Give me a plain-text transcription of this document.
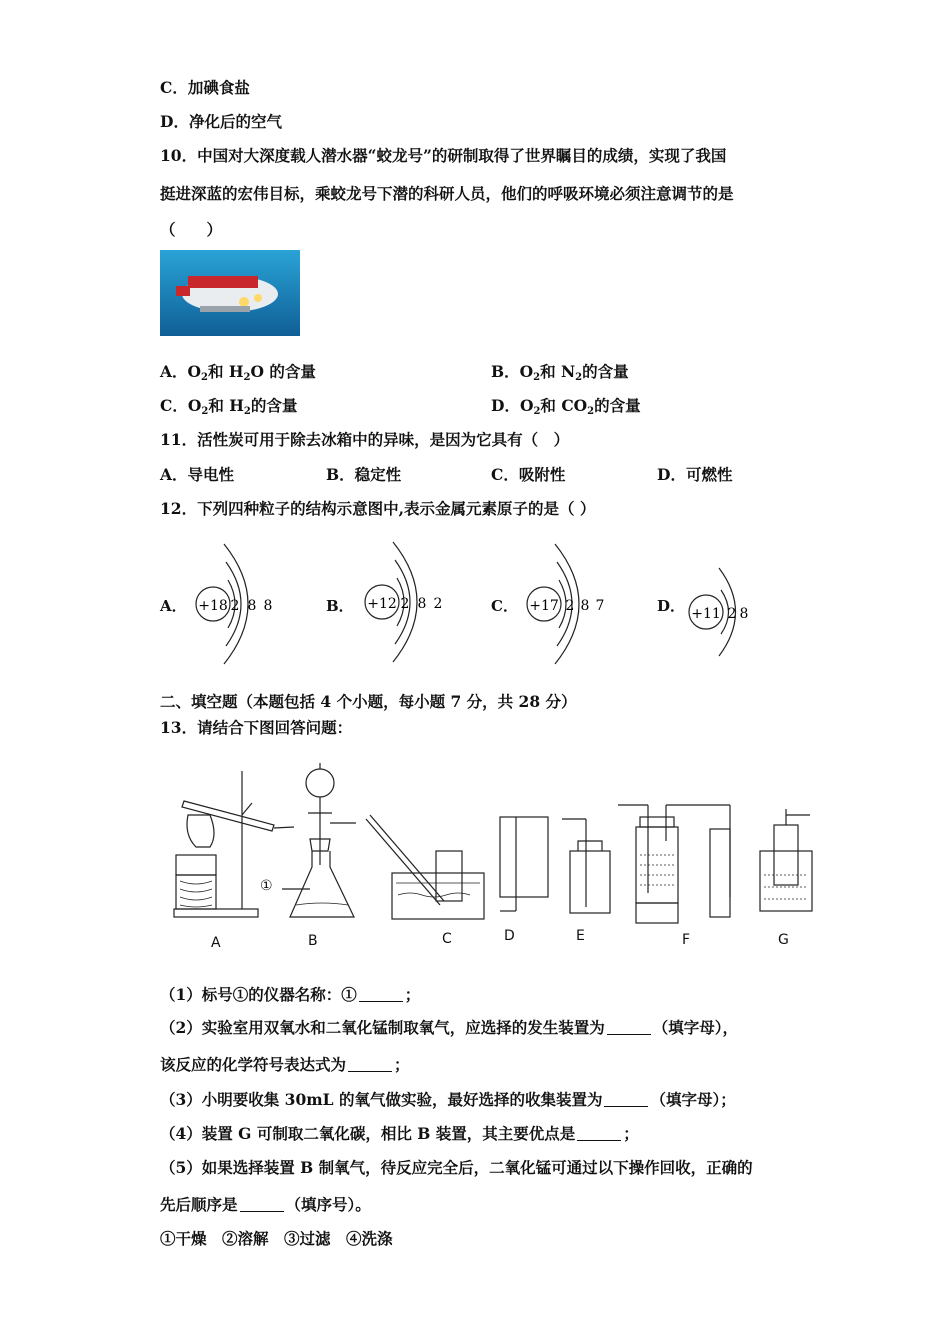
C．加碘食盐
D．净化后的空气
10．中国对大深度载人潜水器“蛟龙号”的研制取得了世界瞩目的成绩，实现了我国
挺进深蓝的宏伟目标，乘蛟龙号下潜的科研人员，他们的呼吸环境必须注意调节的是
（　　）
A．$O_2$和 $H_2O$ 的含量	B．$O_2$和 $N_2$的含量
C．$O_2$和 $H_2$的含量	D．$O_2$和 $CO_2$的含量
11．活性炭可用于除去冰箱中的异味，是因为它具有（　）
A．导电性	B．稳定性	C．吸附性	D．可燃性
12．下列四种粒子的结构示意图中,表示金属元素原子的是（ ）
A． +18 2 8 8	B． +12 2 8 2	C． +17 2 8 7	D． +11 2 8
二、填空题（本题包括 4 个小题，每小题 7 分，共 28 分）
13．请结合下图回答问题：
A	B	C	D	E	F	G
①
（1）标号①的仪器名称：①	；
（2）实验室用双氧水和二氧化锰制取氧气，应选择的发生装置为	（填字母），
该反应的化学符号表达式为	；
（3）小明要收集 30mL 的氧气做实验，最好选择的收集装置为	（填字母）；
（4）装置 G 可制取二氧化碳，相比 B 装置，其主要优点是	；
（5）如果选择装置 B 制氧气，待反应完全后，二氧化锰可通过以下操作回收，正确的
先后顺序是	（填序号）。
①干燥　②溶解　③过滤　④洗涤
